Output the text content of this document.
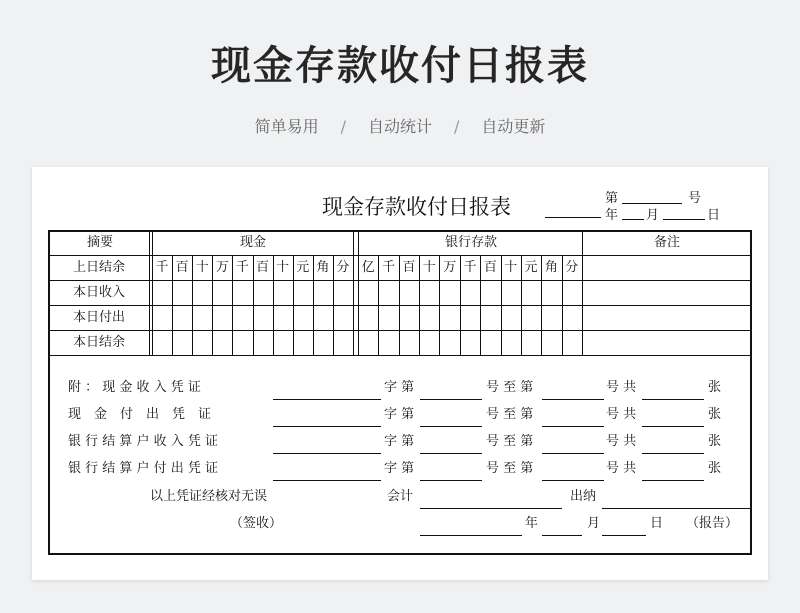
现金存款收付日报表
简单易用 / 自动统计 / 自动更新
现金存款收付日报表	第	号
年 月	日
摘要	现金	银行存款	备注
千 百 十 万 千 百 十 元 角 分 亿 千 百 十 万 千 百 十 元 角 分
上日结余
本日收入
本日付出
本日结余
附 ： 现 金 收 入 凭 证	字 第	号 至 第	号 共	张
现　金　付　出　凭　证	字 第	号 至 第	号 共	张
银 行 结 算 户 收 入 凭 证	字 第	号 至 第	号 共	张
银 行 结 算 户 付 出 凭 证	字 第	号 至 第	号 共	张
以上凭证经核对无误	会计	出纳
（签收）	年	月	日 （报告）
